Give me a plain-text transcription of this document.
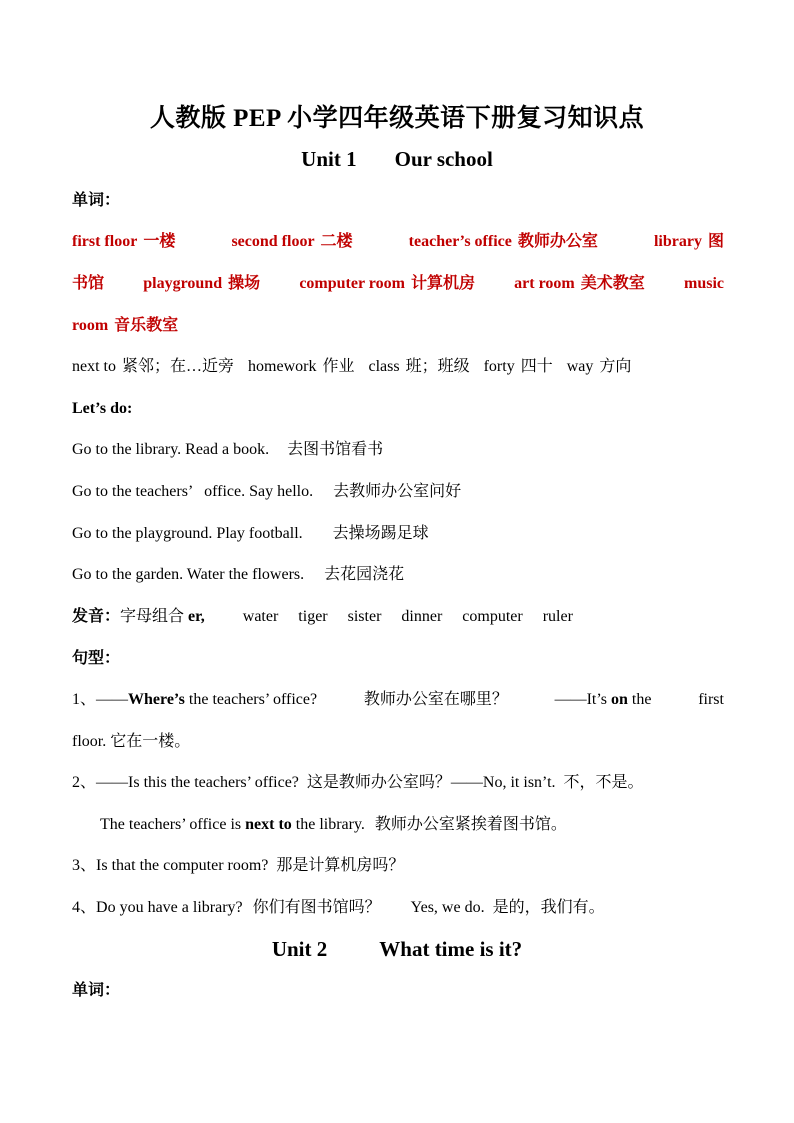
人教版 PEP 小学四年级英语下册复习知识点
Unit 1 Our school
单词：
first floor 一楼	second floor 二楼	teacher’s office 教师办公室	library 图
书馆 playground 操场 computer room 计算机房 art room 美术教室 music
room 音乐教室
next to 紧邻；在…近旁 homework 作业 class 班；班级 forty 四十 way 方向
Let’s do:
Go to the library. Read a book. 去图书馆看书
Go to the teachers’   office. Say hello. 去教师办公室问好
Go to the playground. Play football. 去操场踢足球
Go to the garden. Water the flowers. 去花园浇花
发音：字母组合 er, water tiger sister dinner computer ruler
句型：
1、——Where’s the teachers’ office?	教师办公室在哪里？	——It’s on the	first
floor. 它在一楼。
2、——Is this the teachers’ office? 这是教师办公室吗？——No, it isn’t. 不，不是。
The teachers’ office is next to the library. 教师办公室紧挨着图书馆。
3、Is that the computer room? 那是计算机房吗？
4、Do you have a library? 你们有图书馆吗？ Yes, we do. 是的，我们有。
Unit 2 What time is it?
单词：
